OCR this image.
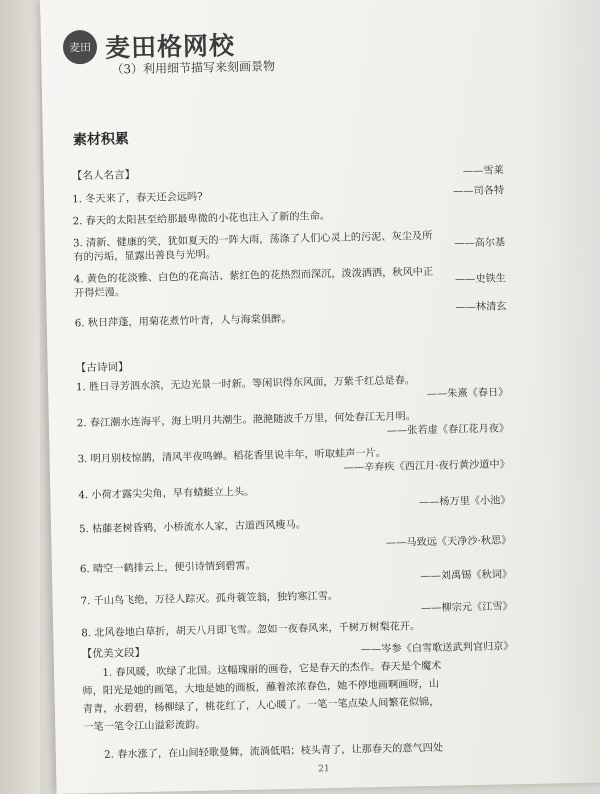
麦田 麦田格网校
（3）利用细节描写来刻画景物
素材积累
【名人名言】	——雪莱
1. 冬天来了，春天还会远吗?
——司各特
2. 春天的太阳甚至给那最卑微的小花也注入了新的生命。
3. 清新、健康的笑，犹如夏天的一阵大雨，荡涤了人们心灵上的污泥、灰尘及所
有的污垢，显露出善良与光明。
——高尔基
4. 黄色的花淡雅、白色的花高洁、紫红色的花热烈而深沉，泼泼洒洒，秋风中正
开得烂漫。
——史铁生
——林清玄
6. 秋日萍蓬，用菊花煮竹叶青，人与海棠俱醉。
【古诗词】
1. 胜日寻芳泗水滨，无边光景一时新。等闲识得东风面，万紫千红总是春。
——朱熹《春日》
2. 春江潮水连海平，海上明月共潮生。滟滟随波千万里，何处春江无月明。
——张若虚《春江花月夜》
3. 明月别枝惊鹊，清风半夜鸣蝉。稻花香里说丰年，听取蛙声一片。
——辛弃疾《西江月·夜行黄沙道中》
4. 小荷才露尖尖角，早有蜻蜓立上头。
——杨万里《小池》
5. 枯藤老树昏鸦，小桥流水人家，古道西风瘦马。
——马致远《天净沙·秋思》
6. 晴空一鹤排云上，便引诗情到碧霄。
——刘禹锡《秋词》
7. 千山鸟飞绝，万径人踪灭。孤舟蓑笠翁，独钓寒江雪。
——柳宗元《江雪》
8. 北风卷地白草折，胡天八月即飞雪。忽如一夜春风来，千树万树梨花开。
——岑参《白雪歌送武判官归京》
【优美文段】
1. 春风暖，吹绿了北国。这幅瑰丽的画卷，它是春天的杰作。春天是个魔术
师，阳光是她的画笔，大地是她的画板，蘸着浓浓春色，她不停地画啊画呀，山
青青，水碧碧，杨柳绿了，桃花红了，人心暖了。一笔一笔点染人间繁花似锦，
一笔一笔令江山溢彩流韵。
2. 春水涨了，在山间轻歌曼舞，流淌低唱；枝头青了，让那春天的意气四处
21
